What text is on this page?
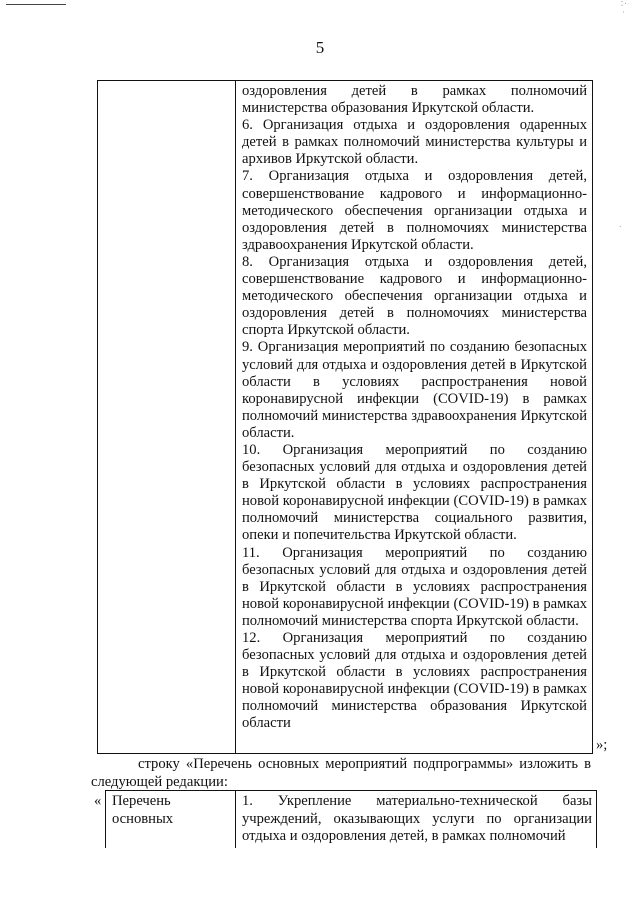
∴ ·
·
5
оздоровления детей в рамках полномочий министерства образования Иркутской области.
6. Организация отдыха и оздоровления одаренных детей в рамках полномочий министерства культуры и архивов Иркутской области.
7. Организация отдыха и оздоровления детей, совершенствование кадрового и информационно-методического обеспечения организации отдыха и оздоровления детей в полномочиях министерства здравоохранения Иркутской области.
8. Организация отдыха и оздоровления детей, совершенствование кадрового и информационно-методического обеспечения организации отдыха и оздоровления детей в полномочиях министерства спорта Иркутской области.
9. Организация мероприятий по созданию безопасных условий для отдыха и оздоровления детей в Иркутской области в условиях распространения новой коронавирусной инфекции (COVID-19) в рамках полномочий министерства здравоохранения Иркутской области.
10. Организация мероприятий по созданию безопасных условий для отдыха и оздоровления детей в Иркутской области в условиях распространения новой коронавирусной инфекции (COVID-19) в рамках полномочий министерства социального развития, опеки и попечительства Иркутской области.
11. Организация мероприятий по созданию безопасных условий для отдыха и оздоровления детей в Иркутской области в условиях распространения новой коронавирусной инфекции (COVID-19) в рамках полномочий министерства спорта Иркутской области.
12. Организация мероприятий по созданию безопасных условий для отдыха и оздоровления детей в Иркутской области в условиях распространения новой коронавирусной инфекции (COVID-19) в рамках полномочий министерства образования Иркутской области
»;
строку «Перечень основных мероприятий подпрограммы» изложить в
следующей редакции:
« Перечень
основных
1. Укрепление материально-технической базы учреждений, оказывающих услуги по организации отдыха и оздоровления детей, в рамках полномочий
